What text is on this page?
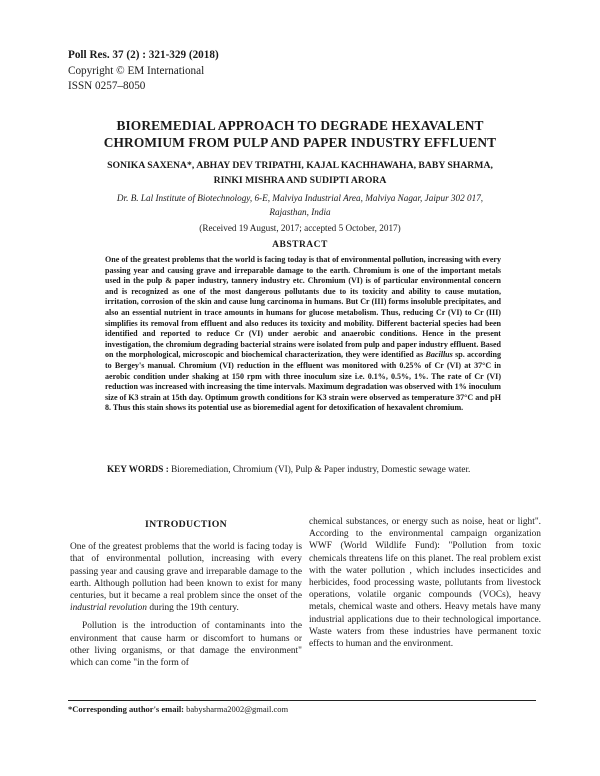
Poll Res. 37 (2) : 321-329 (2018)
Copyright © EM International
ISSN 0257–8050
BIOREMEDIAL APPROACH TO DEGRADE HEXAVALENT
CHROMIUM FROM PULP AND PAPER INDUSTRY EFFLUENT
SONIKA SAXENA*, ABHAY DEV TRIPATHI, KAJAL KACHHAWAHA, BABY SHARMA,
RINKI MISHRA AND SUDIPTI ARORA
Dr. B. Lal Institute of Biotechnology, 6-E, Malviya Industrial Area, Malviya Nagar, Jaipur 302 017,
Rajasthan, India
(Received 19 August, 2017; accepted 5 October, 2017)
ABSTRACT
One of the greatest problems that the world is facing today is that of environmental pollution, increasing with every passing year and causing grave and irreparable damage to the earth. Chromium is one of the important metals used in the pulp & paper industry, tannery industry etc. Chromium (VI) is of particular environmental concern and is recognized as one of the most dangerous pollutants due to its toxicity and ability to cause mutation, irritation, corrosion of the skin and cause lung carcinoma in humans. But Cr (III) forms insoluble precipitates, and also an essential nutrient in trace amounts in humans for glucose metabolism. Thus, reducing Cr (VI) to Cr (III) simplifies its removal from effluent and also reduces its toxicity and mobility. Different bacterial species had been identified and reported to reduce Cr (VI) under aerobic and anaerobic conditions. Hence in the present investigation, the chromium degrading bacterial strains were isolated from pulp and paper industry effluent. Based on the morphological, microscopic and biochemical characterization, they were identified as Bacillus sp. according to Bergey's manual. Chromium (VI) reduction in the effluent was monitored with 0.25% of Cr (VI) at 37°C in aerobic condition under shaking at 150 rpm with three inoculum size i.e. 0.1%, 0.5%, 1%. The rate of Cr (VI) reduction was increased with increasing the time intervals. Maximum degradation was observed with 1% inoculum size of K3 strain at 15th day. Optimum growth conditions for K3 strain were observed as temperature 37°C and pH 8. Thus this stain shows its potential use as bioremedial agent for detoxification of hexavalent chromium.
KEY WORDS : Bioremediation, Chromium (VI), Pulp & Paper industry, Domestic sewage water.

INTRODUCTION

One of the greatest problems that the world is facing today is that of environmental pollution, increasing with every passing year and causing grave and irreparable damage to the earth. Although pollution had been known to exist for many centuries, but it became a real problem since the onset of the industrial revolution during the 19th century.

Pollution is the introduction of contaminants into the environment that cause harm or discomfort to humans or other living organisms, or that damage the environment" which can come "in the form of

chemical substances, or energy such as noise, heat or light". According to the environmental campaign organization WWF (World Wildlife Fund): "Pollution from toxic chemicals threatens life on this planet. The real problem exist with the water pollution , which includes insecticides and herbicides, food processing waste, pollutants from livestock operations, volatile organic compounds (VOCs), heavy metals, chemical waste and others. Heavy metals have many industrial applications due to their technological importance. Waste waters from these industries have permanent toxic effects to human and the environment.

*Corresponding author's email: babysharma2002@gmail.com
